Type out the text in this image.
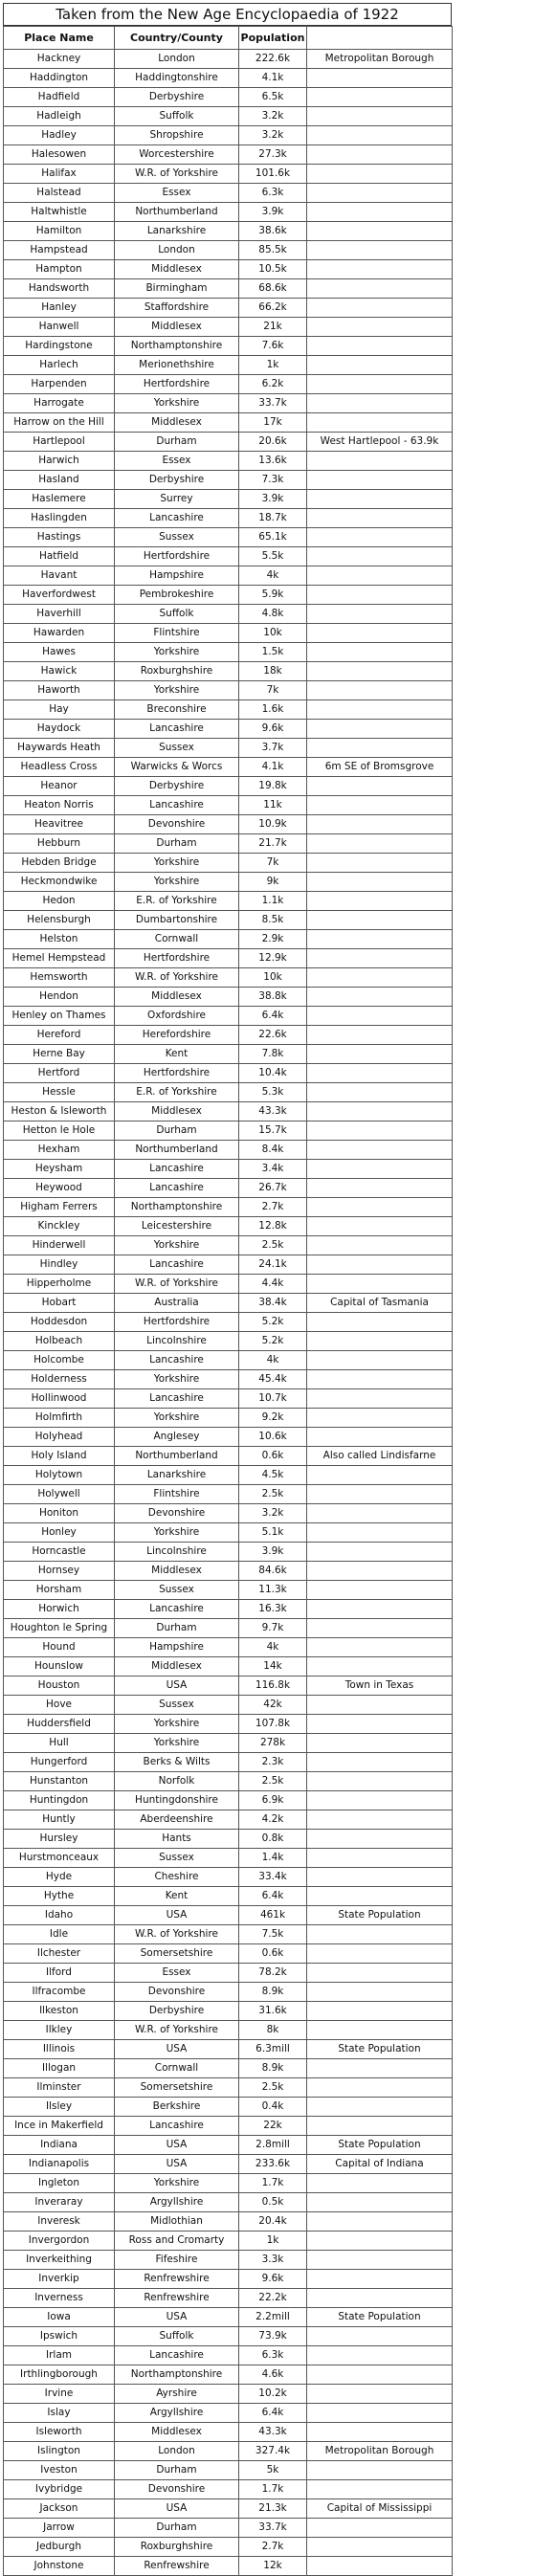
Taken from the New Age Encyclopaedia of 1922
Place Name	Country/County	Population	
Hackney	London	222.6k	Metropolitan Borough
Haddington	Haddingtonshire	4.1k	
Hadfield	Derbyshire	6.5k	
Hadleigh	Suffolk	3.2k	
Hadley	Shropshire	3.2k	
Halesowen	Worcestershire	27.3k	
Halifax	W.R. of Yorkshire	101.6k	
Halstead	Essex	6.3k	
Haltwhistle	Northumberland	3.9k	
Hamilton	Lanarkshire	38.6k	
Hampstead	London	85.5k	
Hampton	Middlesex	10.5k	
Handsworth	Birmingham	68.6k	
Hanley	Staffordshire	66.2k	
Hanwell	Middlesex	21k	
Hardingstone	Northamptonshire	7.6k	
Harlech	Merionethshire	1k	
Harpenden	Hertfordshire	6.2k	
Harrogate	Yorkshire	33.7k	
Harrow on the Hill	Middlesex	17k	
Hartlepool	Durham	20.6k	West Hartlepool - 63.9k
Harwich	Essex	13.6k	
Hasland	Derbyshire	7.3k	
Haslemere	Surrey	3.9k	
Haslingden	Lancashire	18.7k	
Hastings	Sussex	65.1k	
Hatfield	Hertfordshire	5.5k	
Havant	Hampshire	4k	
Haverfordwest	Pembrokeshire	5.9k	
Haverhill	Suffolk	4.8k	
Hawarden	Flintshire	10k	
Hawes	Yorkshire	1.5k	
Hawick	Roxburghshire	18k	
Haworth	Yorkshire	7k	
Hay	Breconshire	1.6k	
Haydock	Lancashire	9.6k	
Haywards Heath	Sussex	3.7k	
Headless Cross	Warwicks & Worcs	4.1k	6m SE of Bromsgrove
Heanor	Derbyshire	19.8k	
Heaton Norris	Lancashire	11k	
Heavitree	Devonshire	10.9k	
Hebburn	Durham	21.7k	
Hebden Bridge	Yorkshire	7k	
Heckmondwike	Yorkshire	9k	
Hedon	E.R. of Yorkshire	1.1k	
Helensburgh	Dumbartonshire	8.5k	
Helston	Cornwall	2.9k	
Hemel Hempstead	Hertfordshire	12.9k	
Hemsworth	W.R. of Yorkshire	10k	
Hendon	Middlesex	38.8k	
Henley on Thames	Oxfordshire	6.4k	
Hereford	Herefordshire	22.6k	
Herne Bay	Kent	7.8k	
Hertford	Hertfordshire	10.4k	
Hessle	E.R. of Yorkshire	5.3k	
Heston & Isleworth	Middlesex	43.3k	
Hetton le Hole	Durham	15.7k	
Hexham	Northumberland	8.4k	
Heysham	Lancashire	3.4k	
Heywood	Lancashire	26.7k	
Higham Ferrers	Northamptonshire	2.7k	
Kinckley	Leicestershire	12.8k	
Hinderwell	Yorkshire	2.5k	
Hindley	Lancashire	24.1k	
Hipperholme	W.R. of Yorkshire	4.4k	
Hobart	Australia	38.4k	Capital of Tasmania
Hoddesdon	Hertfordshire	5.2k	
Holbeach	Lincolnshire	5.2k	
Holcombe	Lancashire	4k	
Holderness	Yorkshire	45.4k	
Hollinwood	Lancashire	10.7k	
Holmfirth	Yorkshire	9.2k	
Holyhead	Anglesey	10.6k	
Holy Island	Northumberland	0.6k	Also called Lindisfarne
Holytown	Lanarkshire	4.5k	
Holywell	Flintshire	2.5k	
Honiton	Devonshire	3.2k	
Honley	Yorkshire	5.1k	
Horncastle	Lincolnshire	3.9k	
Hornsey	Middlesex	84.6k	
Horsham	Sussex	11.3k	
Horwich	Lancashire	16.3k	
Houghton le Spring	Durham	9.7k	
Hound	Hampshire	4k	
Hounslow	Middlesex	14k	
Houston	USA	116.8k	Town in Texas
Hove	Sussex	42k	
Huddersfield	Yorkshire	107.8k	
Hull	Yorkshire	278k	
Hungerford	Berks & Wilts	2.3k	
Hunstanton	Norfolk	2.5k	
Huntingdon	Huntingdonshire	6.9k	
Huntly	Aberdeenshire	4.2k	
Hursley	Hants	0.8k	
Hurstmonceaux	Sussex	1.4k	
Hyde	Cheshire	33.4k	
Hythe	Kent	6.4k	
Idaho	USA	461k	State Population
Idle	W.R. of Yorkshire	7.5k	
Ilchester	Somersetshire	0.6k	
Ilford	Essex	78.2k	
Ilfracombe	Devonshire	8.9k	
Ilkeston	Derbyshire	31.6k	
Ilkley	W.R. of Yorkshire	8k	
Illinois	USA	6.3mill	State Population
Illogan	Cornwall	8.9k	
Ilminster	Somersetshire	2.5k	
Ilsley	Berkshire	0.4k	
Ince in Makerfield	Lancashire	22k	
Indiana	USA	2.8mill	State Population
Indianapolis	USA	233.6k	Capital of Indiana
Ingleton	Yorkshire	1.7k	
Inveraray	Argyllshire	0.5k	
Inveresk	Midlothian	20.4k	
Invergordon	Ross and Cromarty	1k	
Inverkeithing	Fifeshire	3.3k	
Inverkip	Renfrewshire	9.6k	
Inverness	Renfrewshire	22.2k	
Iowa	USA	2.2mill	State Population
Ipswich	Suffolk	73.9k	
Irlam	Lancashire	6.3k	
Irthlingborough	Northamptonshire	4.6k	
Irvine	Ayrshire	10.2k	
Islay	Argyllshire	6.4k	
Isleworth	Middlesex	43.3k	
Islington	London	327.4k	Metropolitan Borough
Iveston	Durham	5k	
Ivybridge	Devonshire	1.7k	
Jackson	USA	21.3k	Capital of Mississippi
Jarrow	Durham	33.7k	
Jedburgh	Roxburghshire	2.7k	
Johnstone	Renfrewshire	12k	
